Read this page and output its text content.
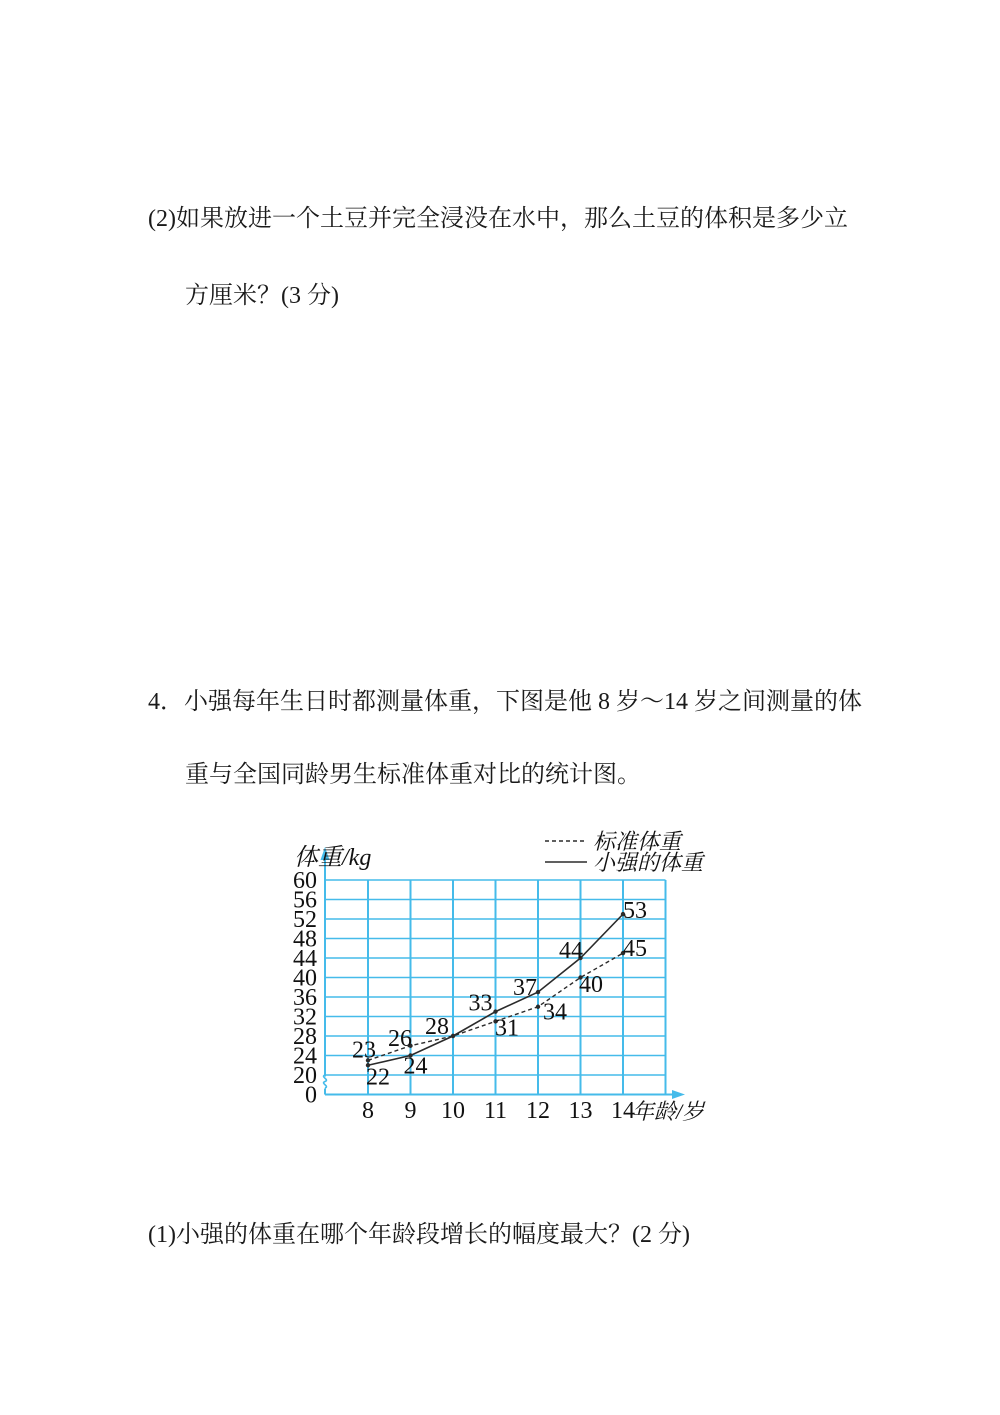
(2)如果放进一个土豆并完全浸没在水中，那么土豆的体积是多少立
方厘米？(3 分)
4．小强每年生日时都测量体重，下图是他 8 岁～14 岁之间测量的体
重与全国同龄男生标准体重对比的统计图。
0
20
24
28
32
36
40
44
48
52
56
60
8 9 10 11 12 13 14
体重/kg
年龄/岁
标准体重
小强的体重
23 26	31
34
40
45
22 24
28
33
37
44
53
(1)小强的体重在哪个年龄段增长的幅度最大？(2 分)
